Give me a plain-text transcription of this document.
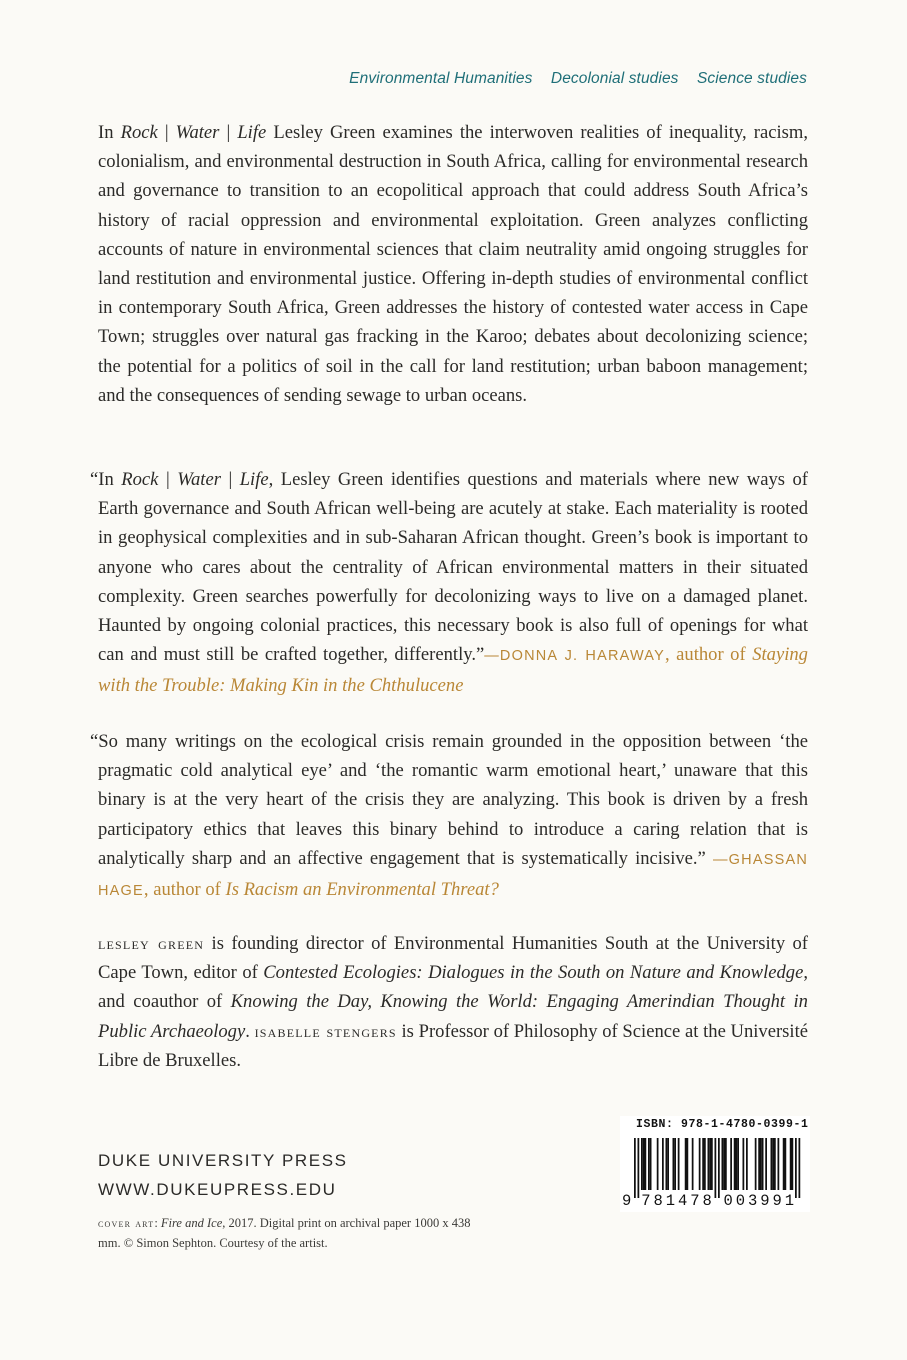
Environmental Humanities Decolonial studies Science studies

In Rock | Water | Life Lesley Green examines the interwoven realities of inequality, racism, colonialism, and environmental destruction in South Africa, calling for environmental research and governance to transition to an ecopolitical approach that could address South Africa’s history of racial oppression and environmental exploitation. Green analyzes conflicting accounts of nature in environmental sciences that claim neutrality amid ongoing struggles for land restitution and environmental justice. Offering in-depth studies of environmental conflict in contemporary South Africa, Green addresses the history of contested water access in Cape Town; struggles over natural gas fracking in the Karoo; debates about decolonizing science; the potential for a politics of soil in the call for land restitution; urban baboon management; and the consequences of sending sewage to urban oceans.

“In Rock | Water | Life, Lesley Green identifies questions and materials where new ways of Earth governance and South African well-being are acutely at stake. Each materiality is rooted in geophysical complexities and in sub-Saharan African thought. Green’s book is important to anyone who cares about the centrality of African environmental matters in their situated complexity. Green searches powerfully for decolonizing ways to live on a damaged planet. Haunted by ongoing colonial practices, this necessary book is also full of openings for what can and must still be crafted together, differently.”—DONNA J. HARAWAY, author of Staying with the Trouble: Making Kin in the Chthulucene

“So many writings on the ecological crisis remain grounded in the opposition between ‘the pragmatic cold analytical eye’ and ‘the romantic warm emotional heart,’ unaware that this binary is at the very heart of the crisis they are analyzing. This book is driven by a fresh participatory ethics that leaves this binary behind to introduce a caring relation that is analytically sharp and an affective engagement that is systematically incisive.” —GHASSAN HAGE, author of Is Racism an Environmental Threat?

lesley green is founding director of Environmental Humanities South at the University of Cape Town, editor of Contested Ecologies: Dialogues in the South on Nature and Knowledge, and coauthor of Knowing the Day, Knowing the World: Engaging Amerindian Thought in Public Archaeology. isabelle stengers is Professor of Philosophy of Science at the Université Libre de Bruxelles.

DUKE UNIVERSITY PRESS
WWW.DUKEUPRESS.EDU
cover art: Fire and Ice, 2017. Digital print on archival paper 1000 x 438 mm. © Simon Sephton. Courtesy of the artist.
ISBN: 978-1-4780-0399-1
9 7 8 1 4 7 8 0 0 3 9 9 1
